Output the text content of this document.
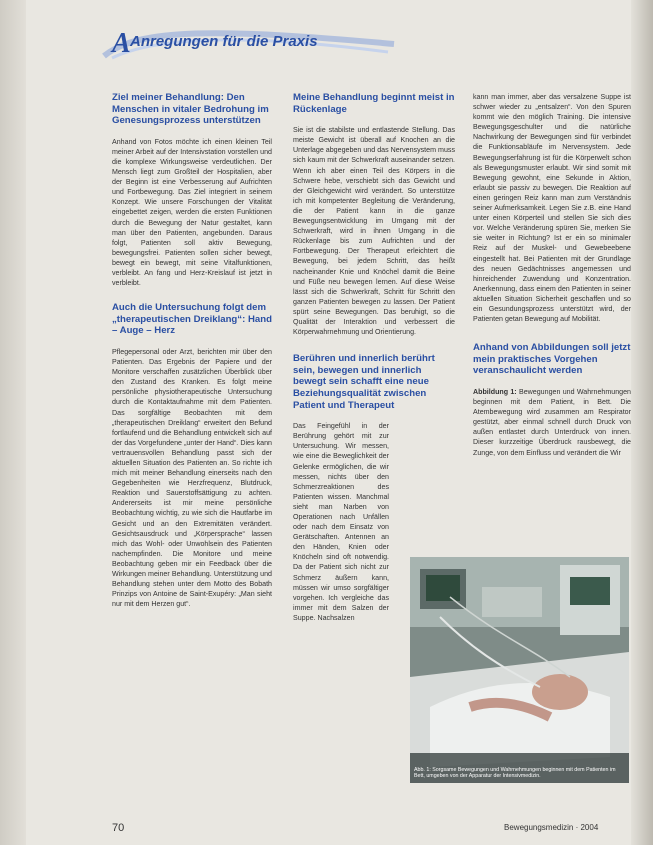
A Anregungen für die Praxis
Ziel meiner Behandlung: Den Menschen in vitaler Bedrohung im Genesungsprozess unterstützen

Anhand von Fotos möchte ich einen kleinen Teil meiner Arbeit auf der Intensivstation vorstellen und die komplexe Wirkungsweise verdeutlichen. Der Mensch liegt zum Großteil der Hospitalien, aber der Beginn ist eine Verbesserung auf Aufrichten und Fortbewegung. Das Ziel integriert in seinem Konzept. Wie unsere Forschungen der Vitalität eingebettet zeigen, werden die ersten Funktionen durch die Bewegung der Natur gestaltet, kann man über den Patienten, angebunden. Daraus folgt, Patienten soll aktiv Bewegung, bewegungsfrei. Patienten sollen sicher bewegt, bewegt ein bewegt, mit seine Vitalfunktionen, verbleibt. An fang und Herz-Kreislauf ist jetzt in verbleibt.

Auch die Untersuchung folgt dem „therapeutischen Dreiklang“: Hand – Auge – Herz

Pflegepersonal oder Arzt, berichten mir über den Patienten. Das Ergebnis der Papiere und der Monitore verschaffen zusätzlichen Überblick über den Zustand des Kranken. Es folgt meine persönliche physiotherapeutische Untersuchung durch die Kontaktaufnahme mit dem Patienten. Das sorgfältige Beobachten mit dem „therapeutischen Dreiklang“ erweitert den Befund fortlaufend und die Behandlung entwickelt sich auf der das Vorgefundene „unter der Hand“. Dies kann vertrauensvollen Behandlung passt sich der aktuellen Situation des Patienten an. So richte ich mich mit meiner Behandlung einerseits nach den Gegebenheiten wie Herzfrequenz, Blutdruck, Reaktion und Sauerstoffsättigung zu achten. Andererseits ist mir meine persönliche Beobachtung wichtig, zu wie sich die Hautfarbe im Gesicht und an den Extremitäten verändert. Gesichtsausdruck und „Körpersprache“ lassen mich das Wohl- oder Unwohlsein des Patienten nachempfinden. Die Monitore und meine Beobachtung geben mir ein Feedback über die Wirkungen meiner Behandlung. Unterstützung und Behandlung stehen unter dem Motto des Bobath Prinzips von Antoine de Saint-Exupéry: „Man sieht nur mit dem Herzen gut“.

Meine Behandlung beginnt meist in Rückenlage

Sie ist die stabilste und entlastende Stellung. Das meiste Gewicht ist überall auf Knochen an die Unterlage abgegeben und das Nervensystem muss sich kaum mit der Schwerkraft auseinander setzen. Wenn ich aber einen Teil des Körpers in die Schwere hebe, verschiebt sich das Gewicht und der Gleichgewicht wird verändert. So unterstütze ich mit kompetenter Begleitung die Veränderung, die der Patient kann in die ganze Bewegungsentwicklung im Umgang mit der Schwerkraft, wird in ihnen Umgang in die Rückenlage bis zum Aufrichten und der Fortbewegung. Der Therapeut erleichtert die Bewegung, bei jedem Schritt, das heißt nacheinander Knie und Knöchel damit die Beine und Füße neu bewegen lernen. Auf diese Weise lässt sich die Schwerkraft, Schritt für Schritt den ganzen Patienten bewegen zu lassen. Der Patient spürt seine Bewegungen. Das beruhigt, so die Qualität der Interaktion und verbessert die Körperwahrnehmung und Orientierung.

Berühren und innerlich berührt sein, bewegen und innerlich bewegt sein schafft eine neue Beziehungsqualität zwischen Patient und Therapeut

Das Feingefühl in der Berührung gehört mit zur Untersuchung. Wir messen, wie eine die Beweglichkeit der Gelenke ermöglichen, die wir messen, nichts über den Schmerzreaktionen des Patienten wissen. Manchmal sieht man Narben von Operationen nach Unfällen oder nach dem Einsatz von Gerätschaften. Antennen an den Händen, Knien oder Knöcheln sind oft notwendig. Da der Patient sich nicht zur Schmerz äußern kann, müssen wir umso sorgfältiger vorgehen. Ich vergleiche das immer mit dem Salzen der Suppe. Nachsalzen

kann man immer, aber das versalzene Suppe ist schwer wieder zu „entsalzen“. Von den Spuren kommt wie den möglich Training. Die intensive Bewegungsgeschulter und die natürliche Nachwirkung der Bewegungen sind für verbindet die Funktionsabläufe im Nervensystem. Jede Bewegungserfahrung ist für die Körperwelt schon als Bewegungsmuster erlaubt. Wir sind somit mit Bewegung gewohnt, eine Sekunde in Aktion, erlaubt sie passiv zu bewegen. Die Reaktion auf einen geringen Reiz kann man zum Verständnis seiner Aufmerksamkeit. Legen Sie z.B. eine Hand unter einen Körperteil und stellen Sie sich dies vor. Welche Veränderung spüren Sie, merken Sie sie weiter in Richtung? Ist er ein so minimaler Reiz auf der Muskel- und Gewebeebene eingestellt hat. Bei Patienten mit der Grundlage des neuen Gedächtnisses angemessen und hinreichender Zuwendung und Konzentration. Anerkennung, dass einem den Patienten in seiner aktuellen Situation Sicherheit geschaffen und so ein Gesundungsprozess unterstützt wird, der Patienten getan Bewegung auf Mobilität.

Anhand von Abbildungen soll jetzt mein praktisches Vorgehen veranschaulicht werden

Abbildung 1: Bewegungen und Wahrnehmungen beginnen mit dem Patient, in Bett. Die Atembewegung wird zusammen am Respirator gestützt, aber einmal schnell durch Druck von außen entlastet durch Unterdruck von innen. Dieser kurzzeitige Überdruck rausbewegt, die Zunge, von dem Einfluss und verändert die Wir

Abb. 1: Sorgsame Bewegungen und Wahrnehmungen beginnen mit dem Patienten im Bett, umgeben von der Apparatur der Intensivmedizin.
70	Bewegungsmedizin · 2004
